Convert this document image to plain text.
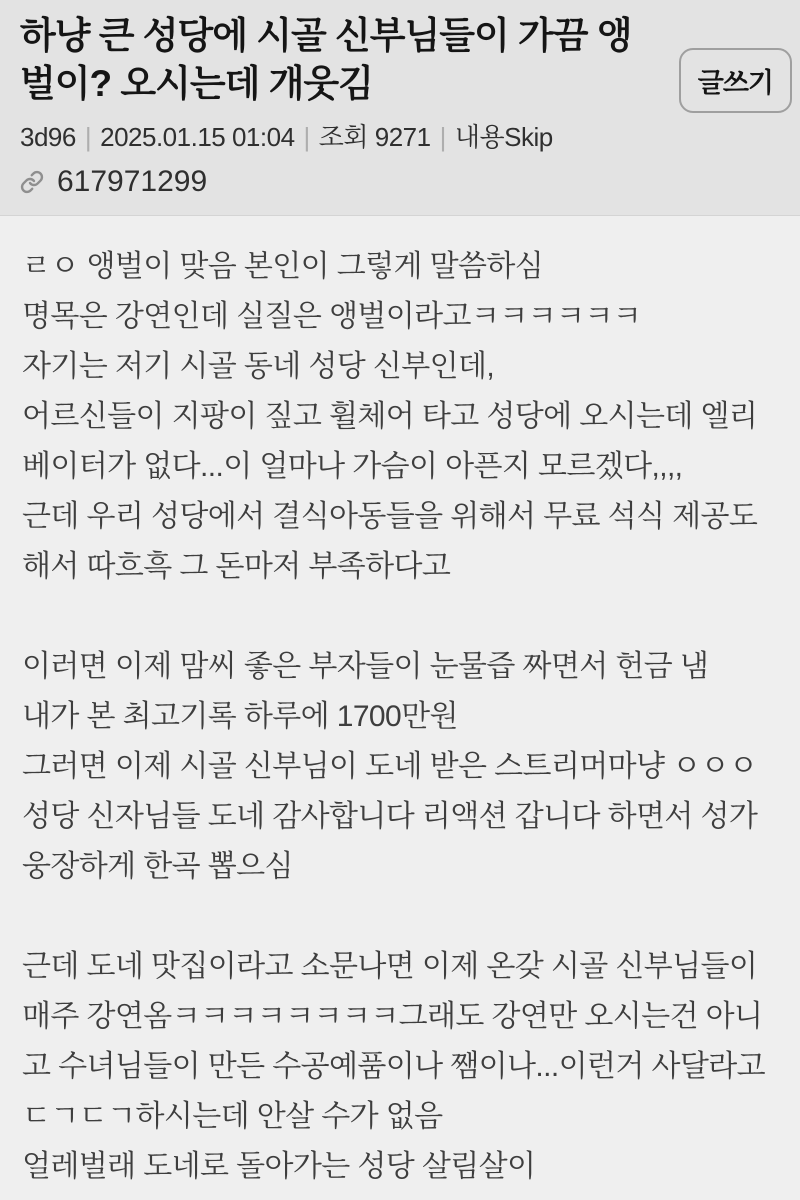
하냥 큰 성당에 시골 신부님들이 가끔 앵벌이? 오시는데 개웃김	글쓰기
3d96 | 2025.01.15 01:04 | 조회 9271 | 내용Skip
617971299
ㄹㅇ 앵벌이 맞음 본인이 그렇게 말씀하심
명목은 강연인데 실질은 앵벌이라고ㅋㅋㅋㅋㅋㅋ
자기는 저기 시골 동네 성당 신부인데,
어르신들이 지팡이 짚고 휠체어 타고 성당에 오시는데 엘리베이터가 없다...이 얼마나 가슴이 아픈지 모르겠다,,,,
근데 우리 성당에서 결식아동들을 위해서 무료 석식 제공도 해서 따흐흑 그 돈마저 부족하다고
이러면 이제 맘씨 좋은 부자들이 눈물즙 짜면서 헌금 냄
내가 본 최고기록 하루에 1700만원
그러면 이제 시골 신부님이 도네 받은 스트리머마냥 ㅇㅇㅇ성당 신자님들 도네 감사합니다 리액션 갑니다 하면서 성가 웅장하게 한곡 뽑으심
근데 도네 맛집이라고 소문나면 이제 온갖 시골 신부님들이 매주 강연옴ㅋㅋㅋㅋㅋㅋㅋㅋ그래도 강연만 오시는건 아니고 수녀님들이 만든 수공예품이나 쨈이나...이런거 사달라고 ㄷㄱㄷㄱ하시는데 안살 수가 없음
얼레벌래 도네로 돌아가는 성당 살림살이
